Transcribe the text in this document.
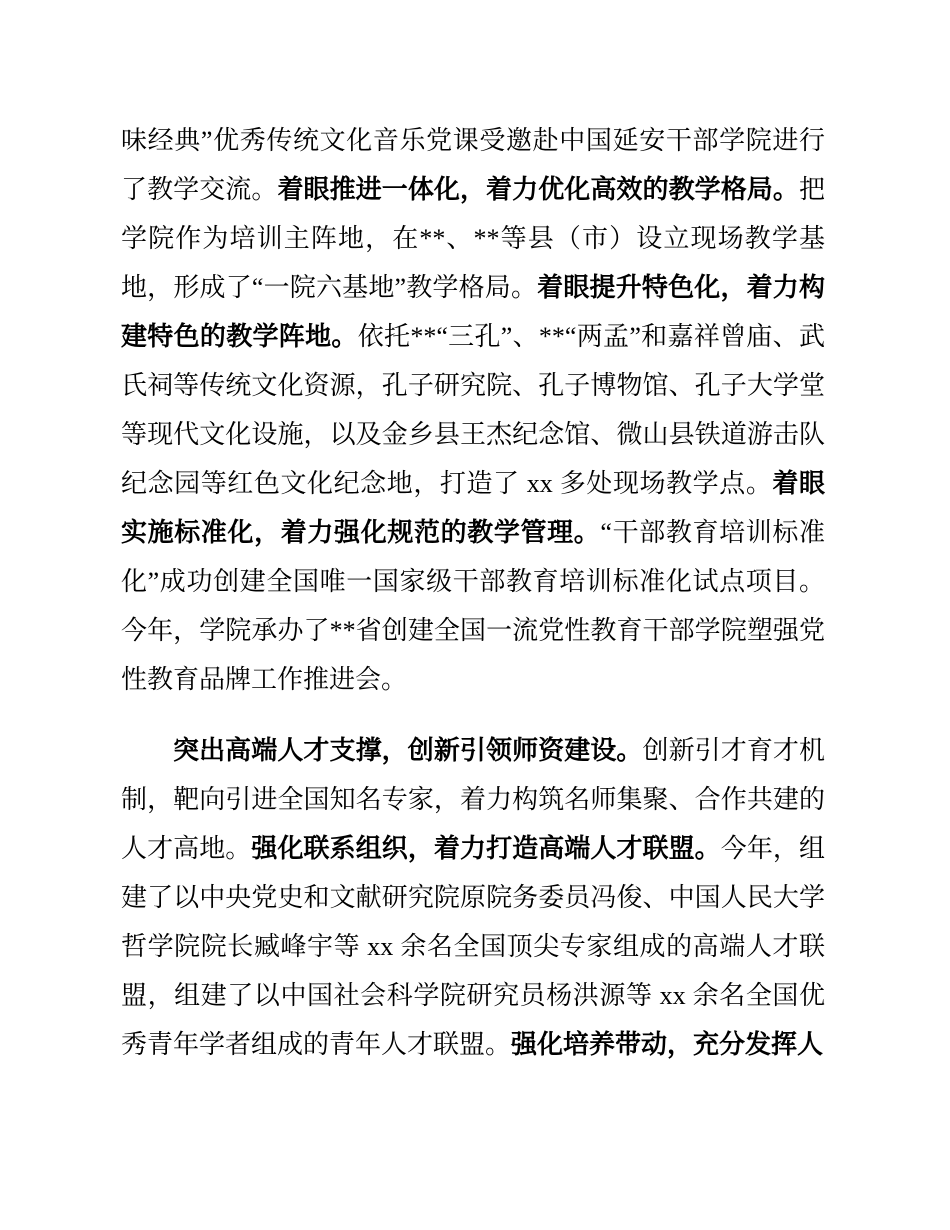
味经典”优秀传统文化音乐党课受邀赴中国延安干部学院进行了教学交流。着眼推进一体化，着力优化高效的教学格局。把学院作为培训主阵地，在**、**等县（市）设立现场教学基地，形成了“一院六基地”教学格局。着眼提升特色化，着力构建特色的教学阵地。依托**“三孔”、**“两孟”和嘉祥曾庙、武氏祠等传统文化资源，孔子研究院、孔子博物馆、孔子大学堂等现代文化设施，以及金乡县王杰纪念馆、微山县铁道游击队纪念园等红色文化纪念地，打造了 xx 多处现场教学点。着眼实施标准化，着力强化规范的教学管理。“干部教育培训标准化”成功创建全国唯一国家级干部教育培训标准化试点项目。今年，学院承办了**省创建全国一流党性教育干部学院塑强党性教育品牌工作推进会。

突出高端人才支撑，创新引领师资建设。创新引才育才机制，靶向引进全国知名专家，着力构筑名师集聚、合作共建的人才高地。强化联系组织，着力打造高端人才联盟。今年，组建了以中央党史和文献研究院原院务委员冯俊、中国人民大学哲学院院长臧峰宇等 xx 余名全国顶尖专家组成的高端人才联盟，组建了以中国社会科学院研究员杨洪源等 xx 余名全国优秀青年学者组成的青年人才联盟。强化培养带动，充分发挥人
